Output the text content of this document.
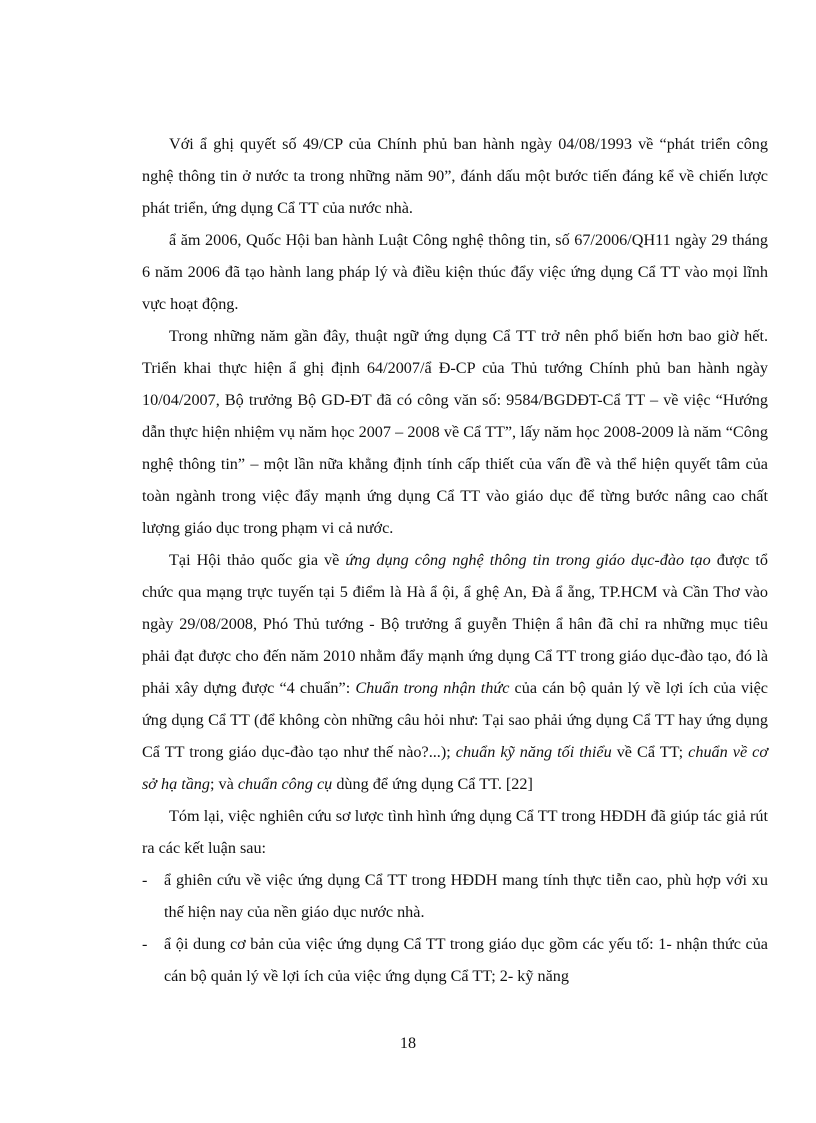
Với ẩ ghị quyết số 49/CP của Chính phủ ban hành ngày 04/08/1993 về “phát triển công nghệ thông tin ở nước ta trong những năm 90”, đánh dấu một bước tiến đáng kể về chiến lược phát triển, ứng dụng Cẩ TT của nước nhà.

ẩ ăm 2006, Quốc Hội ban hành Luật Công nghệ thông tin, số 67/2006/QH11 ngày 29 tháng 6 năm 2006 đã tạo hành lang pháp lý và điều kiện thúc đẩy việc ứng dụng Cẩ TT vào mọi lĩnh vực hoạt động.

Trong những năm gần đây, thuật ngữ ứng dụng Cẩ TT trở nên phổ biến hơn bao giờ hết. Triển khai thực hiện ẩ ghị định 64/2007/ẩ Đ-CP của Thủ tướng Chính phủ ban hành ngày 10/04/2007, Bộ trưởng Bộ GD-ĐT đã có công văn số: 9584/BGDĐT-Cẩ TT – về việc “Hướng dẫn thực hiện nhiệm vụ năm học 2007 – 2008 về Cẩ TT”, lấy năm học 2008-2009 là năm “Công nghệ thông tin” – một lần nữa khẳng định tính cấp thiết của vấn đề và thể hiện quyết tâm của toàn ngành trong việc đẩy mạnh ứng dụng Cẩ TT vào giáo dục để từng bước nâng cao chất lượng giáo dục trong phạm vi cả nước.

Tại Hội thảo quốc gia về ứng dụng công nghệ thông tin trong giáo dục-đào tạo được tổ chức qua mạng trực tuyến tại 5 điểm là Hà ẩ ội, ẩ ghệ An, Đà ẩ ẵng, TP.HCM và Cần Thơ vào ngày 29/08/2008, Phó Thủ tướng - Bộ trưởng ẩ guyễn Thiện ẩ hân đã chỉ ra những mục tiêu phải đạt được cho đến năm 2010 nhằm đẩy mạnh ứng dụng Cẩ TT trong giáo dục-đào tạo, đó là phải xây dựng được “4 chuẩn”: Chuẩn trong nhận thức của cán bộ quản lý về lợi ích của việc ứng dụng Cẩ TT (để không còn những câu hỏi như: Tại sao phải ứng dụng Cẩ TT hay ứng dụng Cẩ TT trong giáo dục-đào tạo như thế nào?...); chuẩn kỹ năng tối thiểu về Cẩ TT; chuẩn về cơ sở hạ tầng; và chuẩn công cụ dùng để ứng dụng Cẩ TT. [22]

Tóm lại, việc nghiên cứu sơ lược tình hình ứng dụng Cẩ TT trong HĐDH đã giúp tác giả rút ra các kết luận sau:

- ẩ ghiên cứu về việc ứng dụng Cẩ TT trong HĐDH mang tính thực tiễn cao, phù hợp với xu thế hiện nay của nền giáo dục nước nhà.

- ẩ ội dung cơ bản của việc ứng dụng Cẩ TT trong giáo dục gồm các yếu tố: 1- nhận thức của cán bộ quản lý về lợi ích của việc ứng dụng Cẩ TT; 2- kỹ năng

18
